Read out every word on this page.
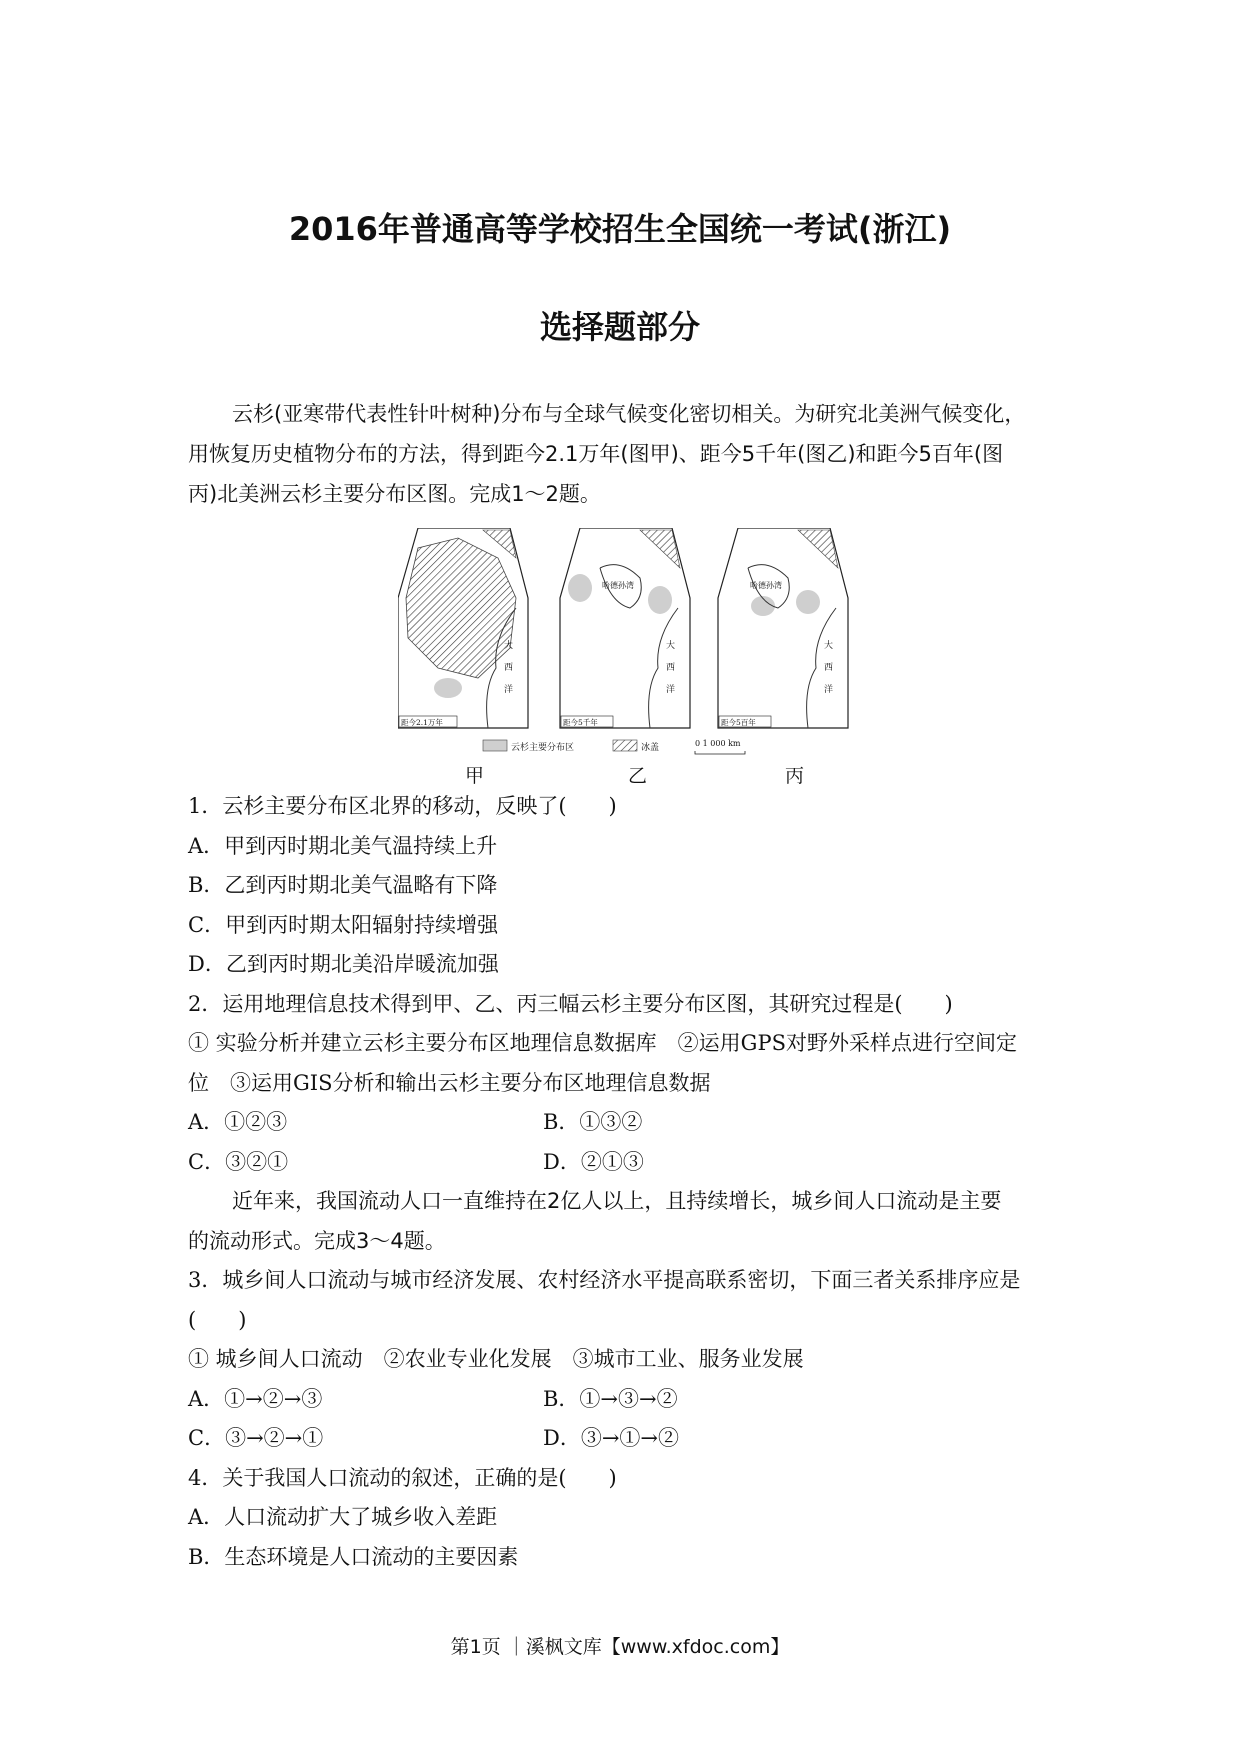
2016年普通高等学校招生全国统一考试(浙江)
选择题部分
云杉(亚寒带代表性针叶树种)分布与全球气候变化密切相关。为研究北美洲气候变化，
用恢复历史植物分布的方法，得到距今2.1万年(图甲)、距今5千年(图乙)和距今5百年(图
丙)北美洲云杉主要分布区图。完成1～2题。
大
西
洋
距今2.1万年
哈德孙湾
大
西
洋
距今5千年
哈德孙湾
大
西
洋
距今5百年
云杉主要分布区	冰盖	0 1 000 km
甲	乙	丙
1．云杉主要分布区北界的移动，反映了(　　)
A．甲到丙时期北美气温持续上升
B．乙到丙时期北美气温略有下降
C．甲到丙时期太阳辐射持续增强
D．乙到丙时期北美沿岸暖流加强
2．运用地理信息技术得到甲、乙、丙三幅云杉主要分布区图，其研究过程是(　　)
① 实验分析并建立云杉主要分布区地理信息数据库　②运用GPS对野外采样点进行空间定
位　③运用GIS分析和输出云杉主要分布区地理信息数据
A．①②③	B．①③②
C．③②①	D．②①③
近年来，我国流动人口一直维持在2亿人以上，且持续增长，城乡间人口流动是主要
的流动形式。完成3～4题。
3．城乡间人口流动与城市经济发展、农村经济水平提高联系密切，下面三者关系排序应是
(　　)
① 城乡间人口流动　②农业专业化发展　③城市工业、服务业发展
A．①→②→③	B．①→③→②
C．③→②→①	D．③→①→②
4．关于我国人口流动的叙述，正确的是(　　)
A．人口流动扩大了城乡收入差距
B．生态环境是人口流动的主要因素
第1页 ｜溪枫文库【www.xfdoc.com】
